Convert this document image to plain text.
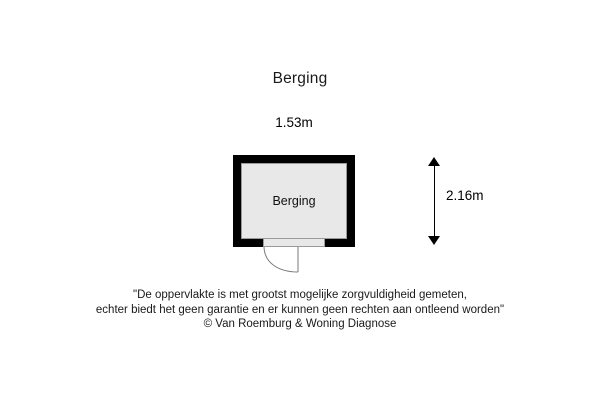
Berging
1.53m
2.16m
Berging
"De oppervlakte is met grootst mogelijke zorgvuldigheid gemeten,
echter biedt het geen garantie en er kunnen geen rechten aan ontleend worden"
© Van Roemburg & Woning Diagnose
